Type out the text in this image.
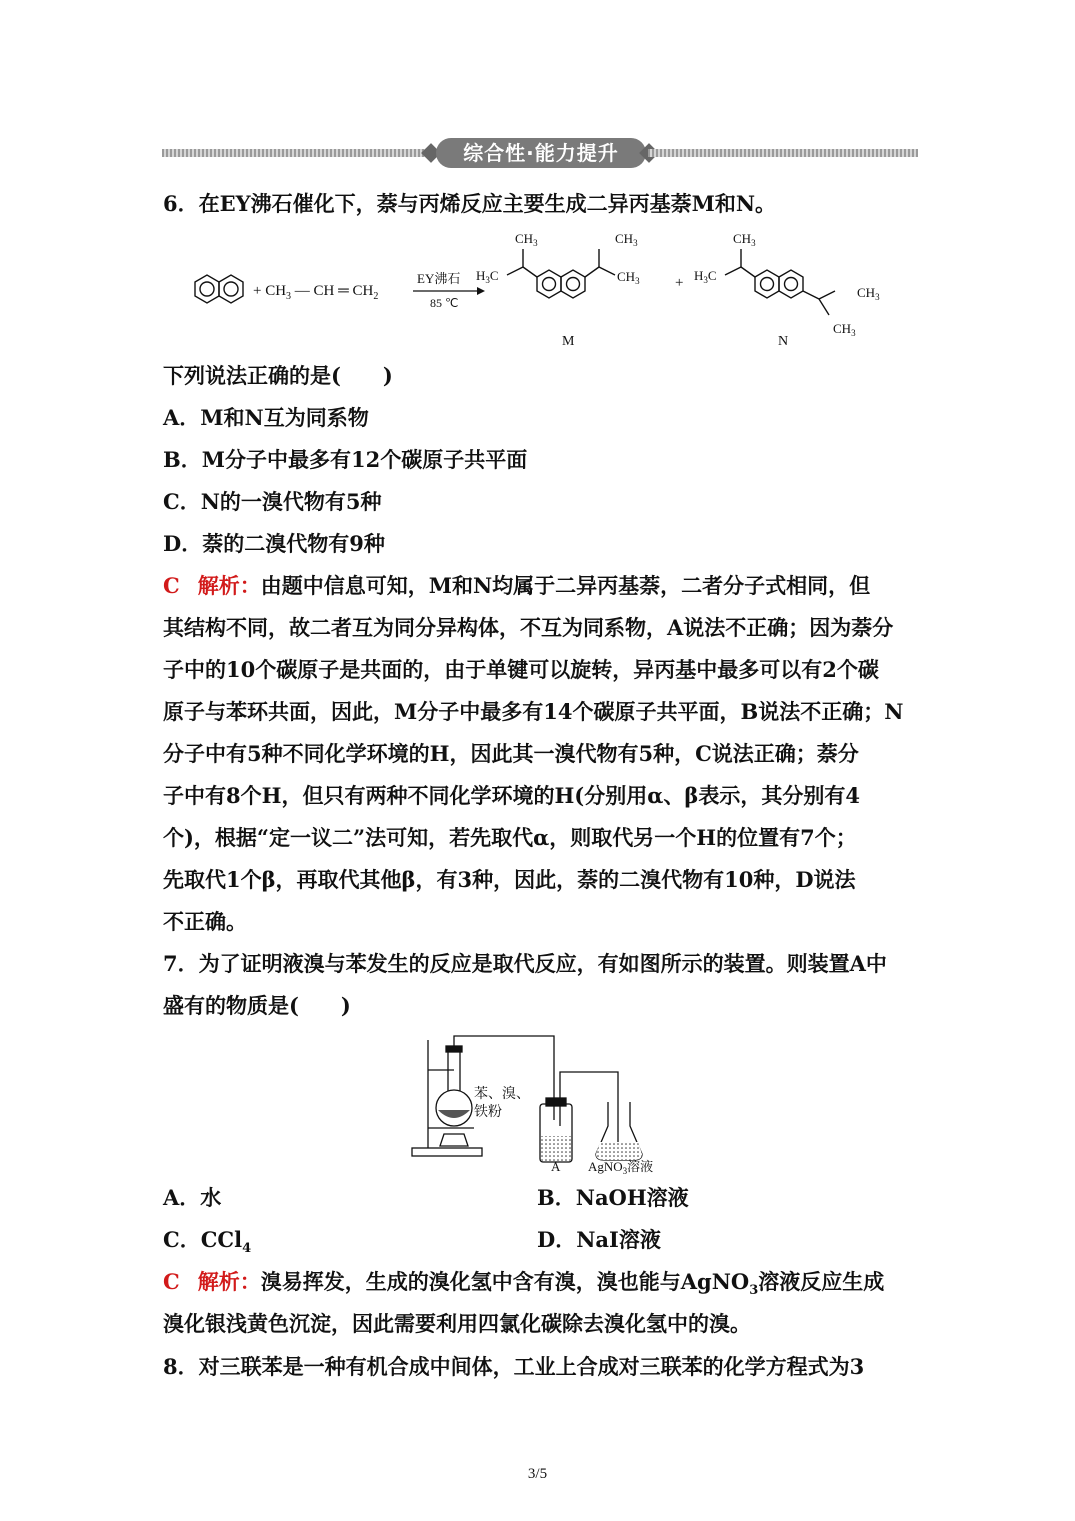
综合性·能力提升
6．在EY沸石催化下，萘与丙烯反应主要生成二异丙基萘M和N。
+ $CH_3$ — CH ═ $CH_2$
EY沸石
85 ℃
$CH_3$
$H_3C$
$CH_3$
$CH_3$
M
+
$CH_3$
$H_3C$
$CH_3$
$CH_3$
N
下列说法正确的是(　　)
A．M和N互为同系物
B．M分子中最多有12个碳原子共平面
C．N的一溴代物有5种
D．萘的二溴代物有9种
C 解析：由题中信息可知，M和N均属于二异丙基萘，二者分子式相同，但
其结构不同，故二者互为同分异构体，不互为同系物，A说法不正确；因为萘分
子中的10个碳原子是共面的，由于单键可以旋转，异丙基中最多可以有2个碳
原子与苯环共面，因此，M分子中最多有14个碳原子共平面，B说法不正确；N
分子中有5种不同化学环境的H，因此其一溴代物有5种，C说法正确；萘分
子中有8个H，但只有两种不同化学环境的H(分别用α、β表示，其分别有4
个)，根据“定一议二”法可知，若先取代α，则取代另一个H的位置有7个；
先取代1个β，再取代其他β，有3种，因此，萘的二溴代物有10种，D说法
不正确。
7．为了证明液溴与苯发生的反应是取代反应，有如图所示的装置。则装置A中
盛有的物质是(　　)
苯、溴、
铁粉
A AgNO$_3$溶液
A．水	B．NaOH溶液
C．CCl$_4$	D．NaI溶液
C 解析：溴易挥发，生成的溴化氢中含有溴，溴也能与AgNO$_3$溶液反应生成
溴化银浅黄色沉淀，因此需要利用四氯化碳除去溴化氢中的溴。
8．对三联苯是一种有机合成中间体，工业上合成对三联苯的化学方程式为3
3/5
